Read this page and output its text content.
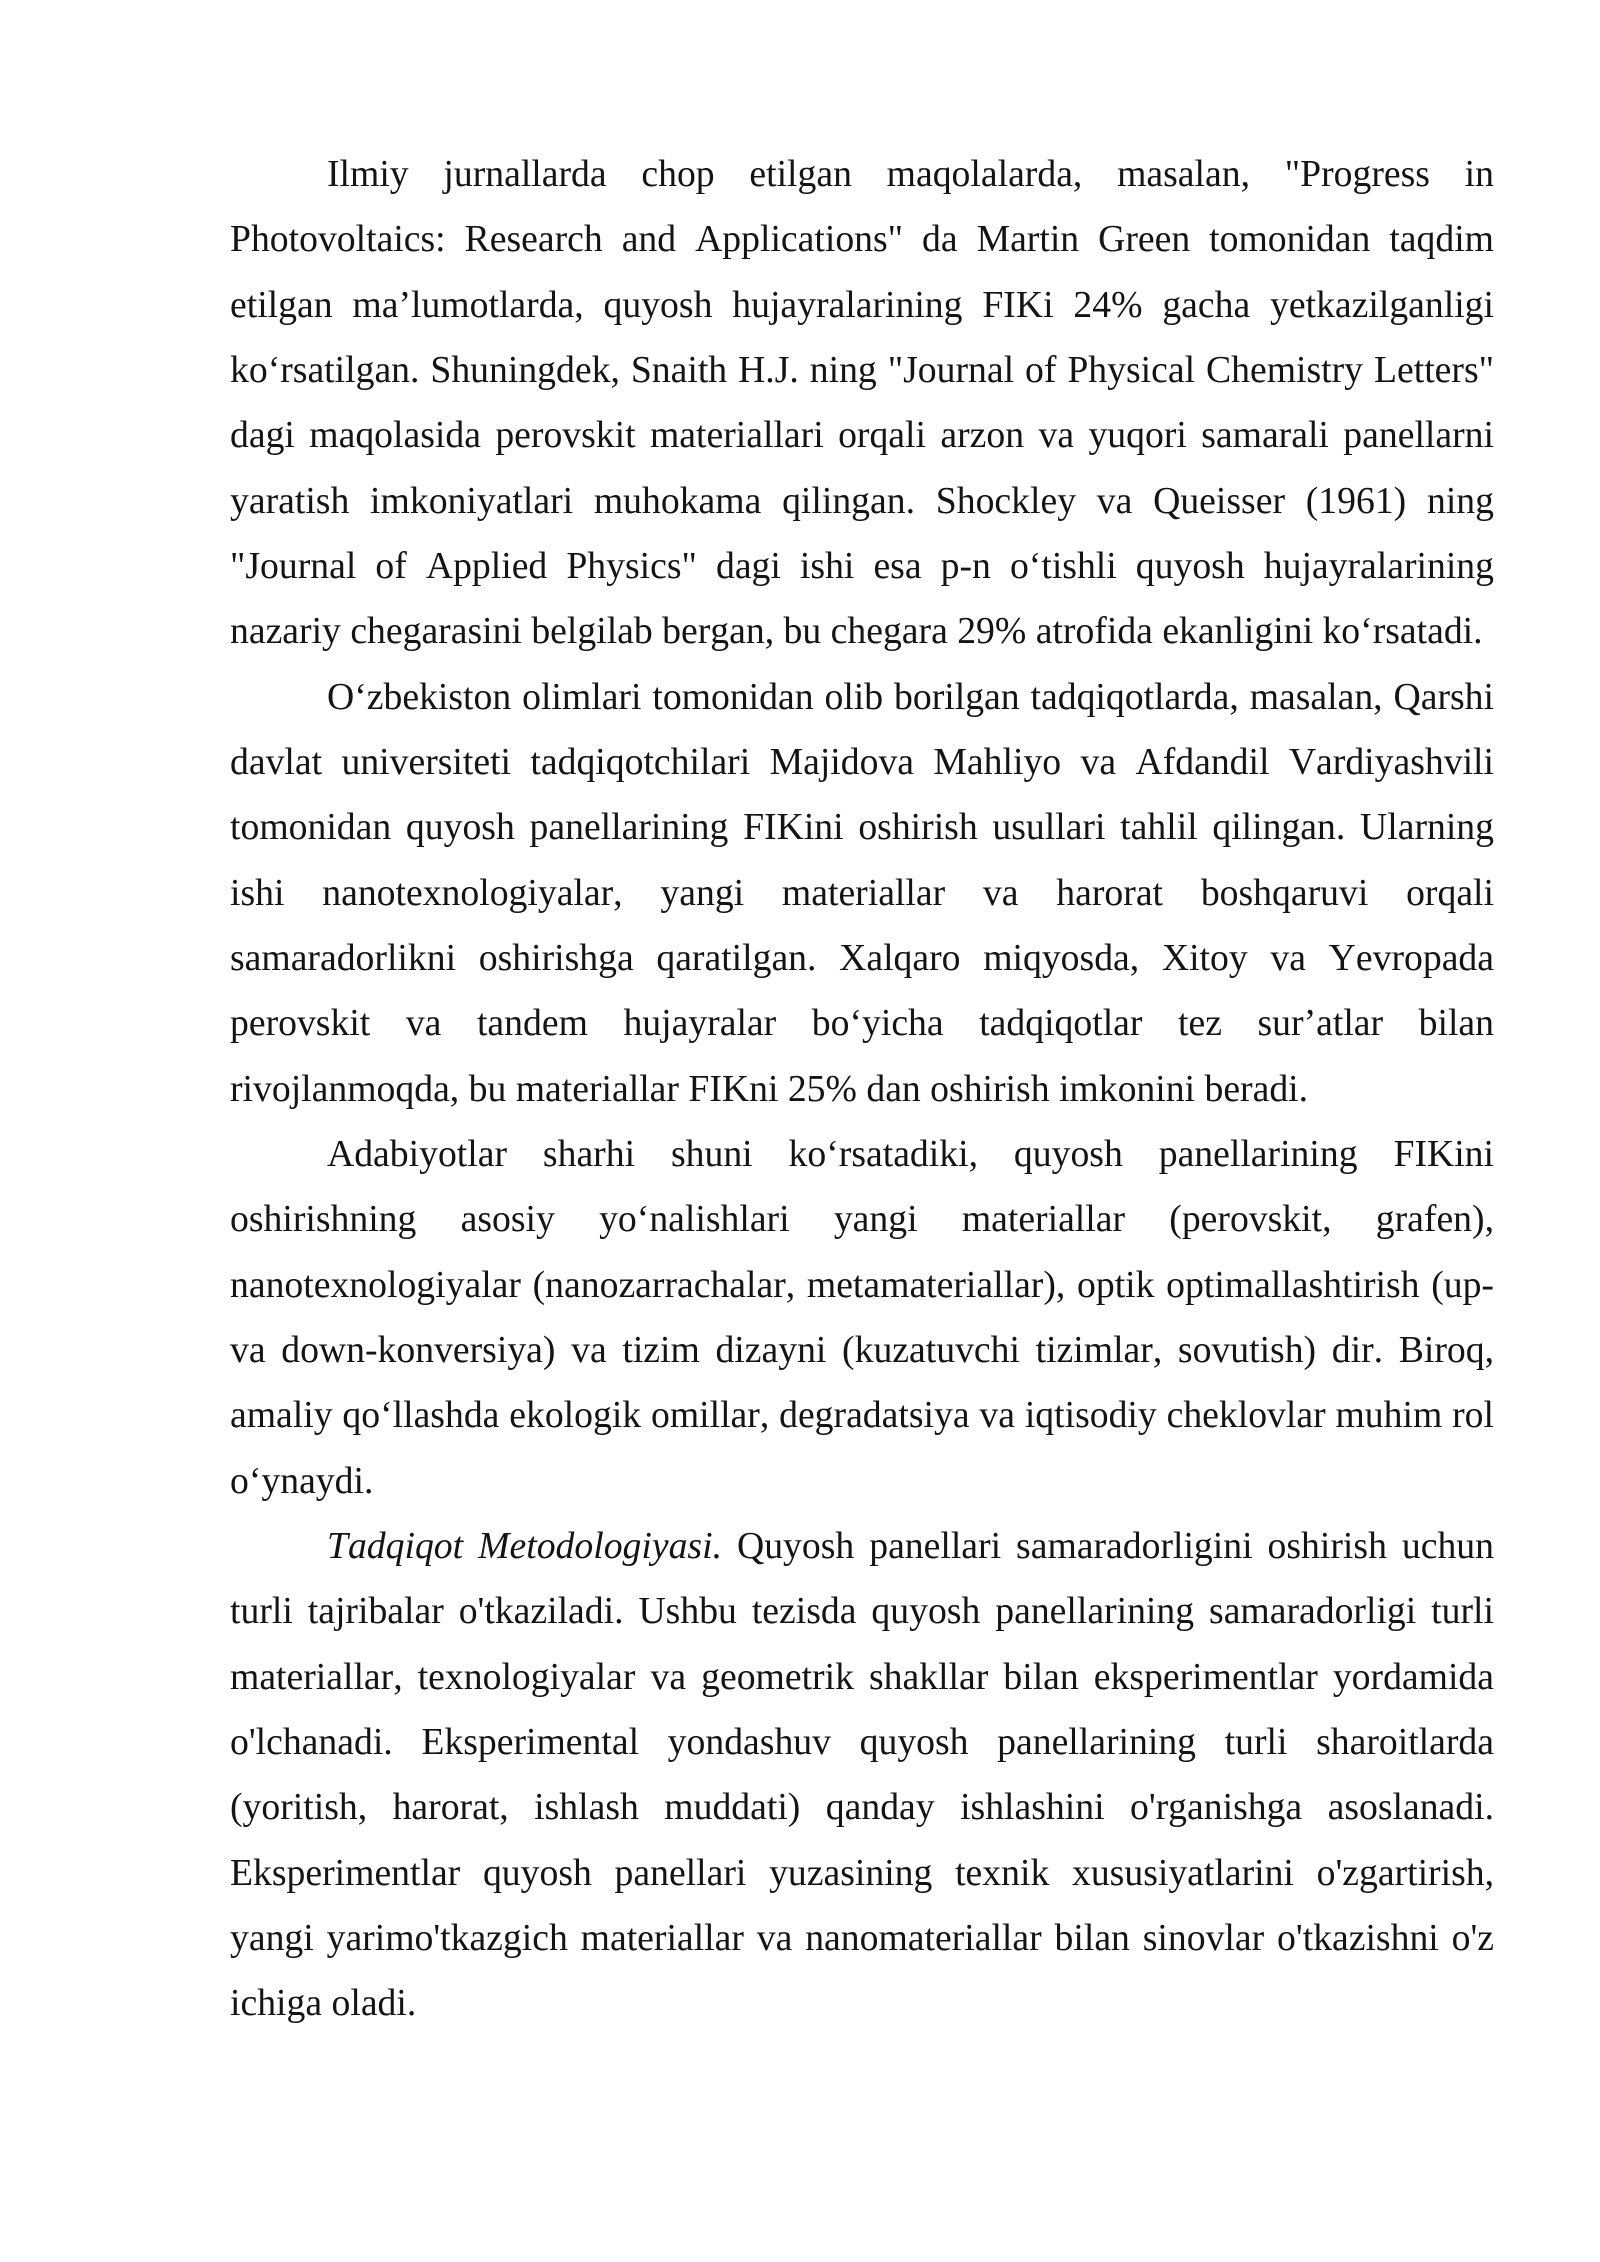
Ilmiy jurnallarda chop etilgan maqolalarda, masalan, "Progress in
Photovoltaics: Research and Applications" da Martin Green tomonidan taqdim
etilgan ma’lumotlarda, quyosh hujayralarining FIKi 24% gacha yetkazilganligi
ko‘rsatilgan. Shuningdek, Snaith H.J. ning "Journal of Physical Chemistry Letters"
dagi maqolasida perovskit materiallari orqali arzon va yuqori samarali panellarni
yaratish imkoniyatlari muhokama qilingan. Shockley va Queisser (1961) ning
"Journal of Applied Physics" dagi ishi esa p-n o‘tishli quyosh hujayralarining
nazariy chegarasini belgilab bergan, bu chegara 29% atrofida ekanligini ko‘rsatadi.
O‘zbekiston olimlari tomonidan olib borilgan tadqiqotlarda, masalan, Qarshi
davlat universiteti tadqiqotchilari Majidova Mahliyo va Afdandil Vardiyashvili
tomonidan quyosh panellarining FIKini oshirish usullari tahlil qilingan. Ularning
ishi nanotexnologiyalar, yangi materiallar va harorat boshqaruvi orqali
samaradorlikni oshirishga qaratilgan. Xalqaro miqyosda, Xitoy va Yevropada
perovskit va tandem hujayralar bo‘yicha tadqiqotlar tez sur’atlar bilan
rivojlanmoqda, bu materiallar FIKni 25% dan oshirish imkonini beradi.
Adabiyotlar sharhi shuni ko‘rsatadiki, quyosh panellarining FIKini
oshirishning asosiy yo‘nalishlari yangi materiallar (perovskit, grafen),
nanotexnologiyalar (nanozarrachalar, metamateriallar), optik optimallashtirish (up-
va down-konversiya) va tizim dizayni (kuzatuvchi tizimlar, sovutish) dir. Biroq,
amaliy qo‘llashda ekologik omillar, degradatsiya va iqtisodiy cheklovlar muhim rol
o‘ynaydi.
Tadqiqot Metodologiyasi. Quyosh panellari samaradorligini oshirish uchun
turli tajribalar o'tkaziladi. Ushbu tezisda quyosh panellarining samaradorligi turli
materiallar, texnologiyalar va geometrik shakllar bilan eksperimentlar yordamida
o'lchanadi. Eksperimental yondashuv quyosh panellarining turli sharoitlarda
(yoritish, harorat, ishlash muddati) qanday ishlashini o'rganishga asoslanadi.
Eksperimentlar quyosh panellari yuzasining texnik xususiyatlarini o'zgartirish,
yangi yarimo'tkazgich materiallar va nanomateriallar bilan sinovlar o'tkazishni o'z
ichiga oladi.
